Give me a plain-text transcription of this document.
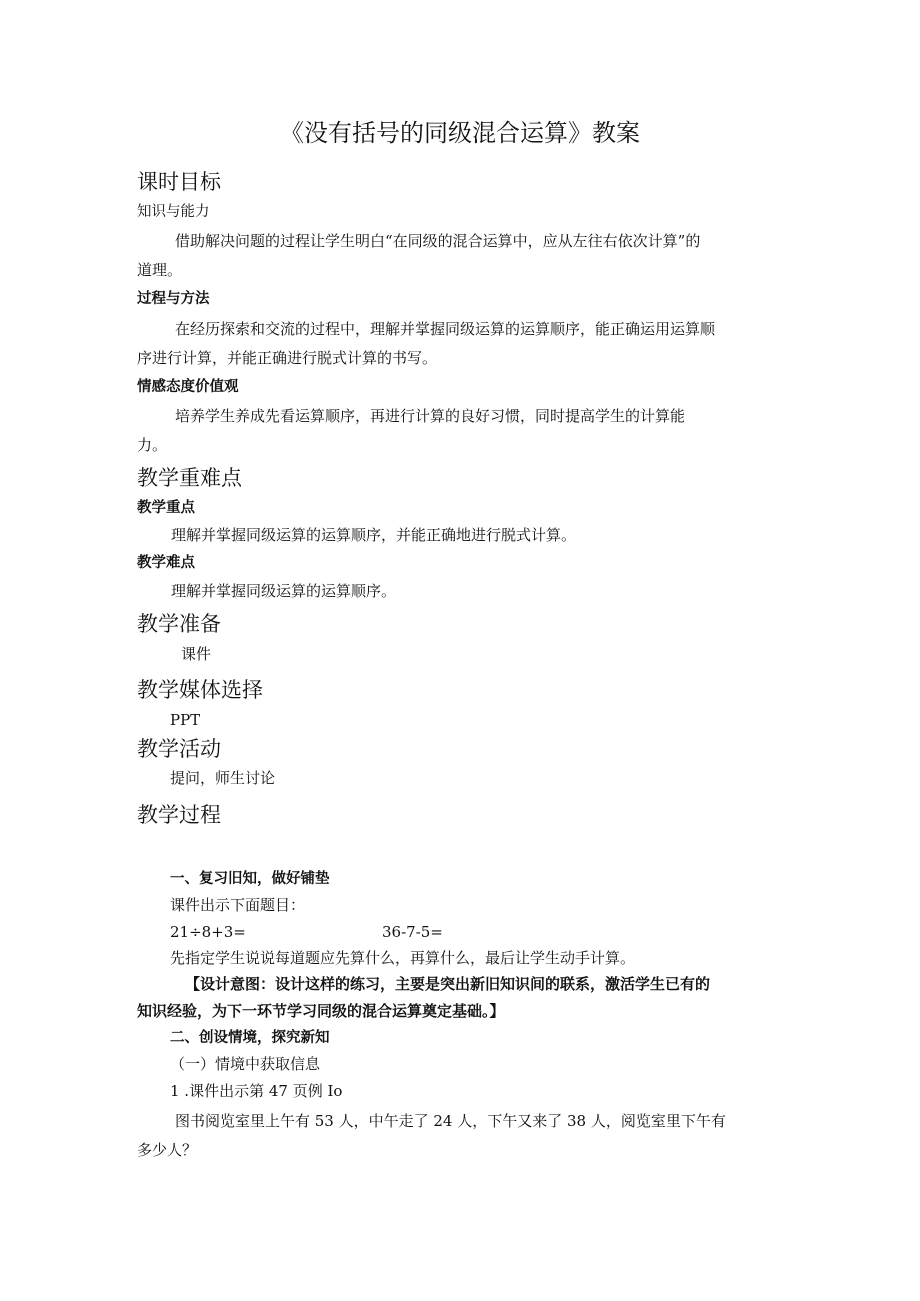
《没有括号的同级混合运算》教案
课时目标
知识与能力
借助解决问题的过程让学生明白“在同级的混合运算中，应从左往右依次计算”的
道理。
过程与方法
在经历探索和交流的过程中，理解并掌握同级运算的运算顺序，能正确运用运算顺
序进行计算，并能正确进行脱式计算的书写。
情感态度价值观
培养学生养成先看运算顺序，再进行计算的良好习惯，同时提高学生的计算能
力。
教学重难点
教学重点
理解并掌握同级运算的运算顺序，并能正确地进行脱式计算。
教学难点
理解并掌握同级运算的运算顺序。
教学准备
课件
教学媒体选择
PPT
教学活动
提问，师生讨论
教学过程
一、复习旧知，做好铺垫
课件出示下面题目：
21÷8+3=	36-7-5=
先指定学生说说每道题应先算什么，再算什么，最后让学生动手计算。
【设计意图：设计这样的练习，主要是突出新旧知识间的联系，激活学生已有的
知识经验，为下一环节学习同级的混合运算奠定基础。】
二、创设情境，探究新知
（一）情境中获取信息
1 .课件出示第 47 页例 Io
图书阅览室里上午有 53 人，中午走了 24 人，下午又来了 38 人，阅览室里下午有
多少人？
